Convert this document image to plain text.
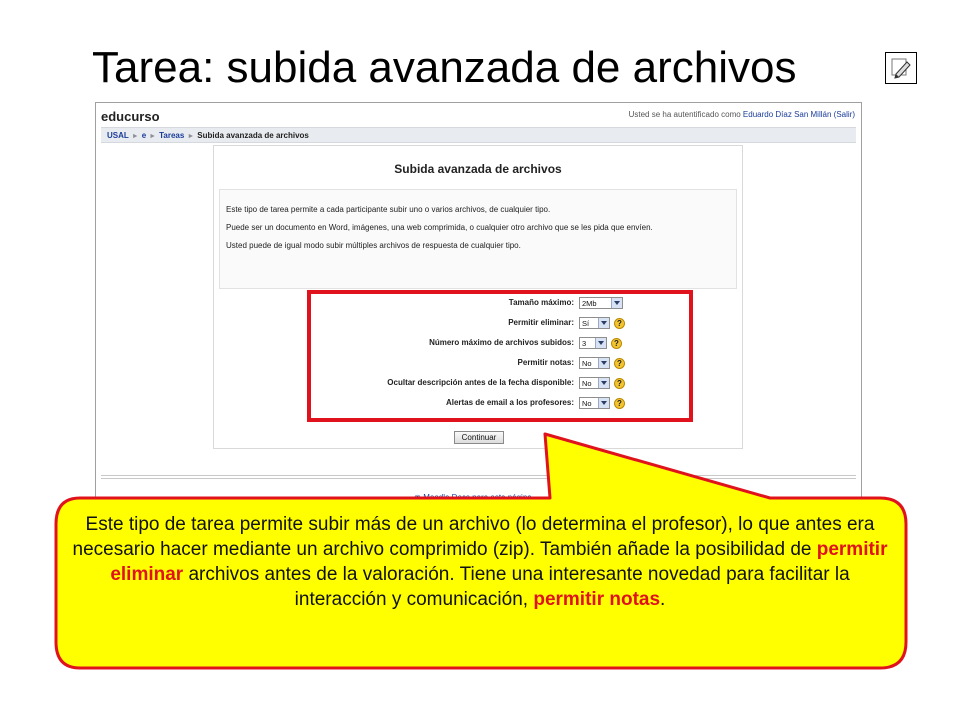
Tarea: subida avanzada de archivos
educurso	Usted se ha autentificado como Eduardo Díaz San Millán (Salir)
USAL ► e ► Tareas ► Subida avanzada de archivos
Subida avanzada de archivos

Este tipo de tarea permite a cada participante subir uno o varios archivos, de cualquier tipo.

Puede ser un documento en Word, imágenes, una web comprimida, o cualquier otro archivo que se les pida que envíen.

Usted puede de igual modo subir múltiples archivos de respuesta de cualquier tipo.

Tamaño máximo:	2Mb
Permitir eliminar:	Sí	?
Número máximo de archivos subidos:	3	?
Permitir notas:	No	?
Ocultar descripción antes de la fecha disponible:	No	?
Alertas de email a los profesores:	No	?
Continuar
Este tipo de tarea permite subir más de un archivo (lo determina el profesor), lo que antes era necesario hacer mediante un archivo comprimido (zip). También añade la posibilidad de permitir eliminar archivos antes de la valoración. Tiene una interesante novedad para facilitar la interacción y comunicación, permitir notas.
